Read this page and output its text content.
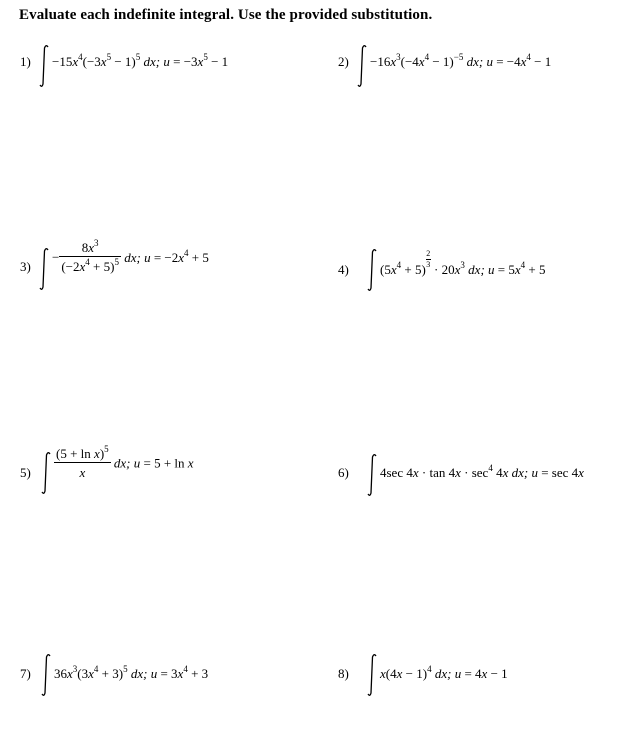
Evaluate each indefinite integral. Use the provided substitution.
$1) -15x^4(-3x^5 - 1)^5$ dx; $u = -3x^5 - 1$	$2) -16x^3(-4x^4 - 1)^{-5}$ dx; $u = -4x^4 - 1$
3)
− $\frac{8x^3}{(-2x^4 + 5)^5}$ dx; $u = -2x^4 + 5$
4) $(5x^4 + 5)$
$\frac{2}{3}$
· $20x^3$ dx; $u = 5x^4 + 5$
$5) \frac{(5 + \ln x)^5}{x}$ dx; u = 5 + ln x
6) 4sec $4x \cdot \tan 4x \cdot \sec^4 4x$ dx; u = sec 4x
7) $36x^3(3x^4 + 3)^5$ dx; $u = 3x^4 + 3$	8) $x(4x - 1)^4$ dx; u = 4x − 1
